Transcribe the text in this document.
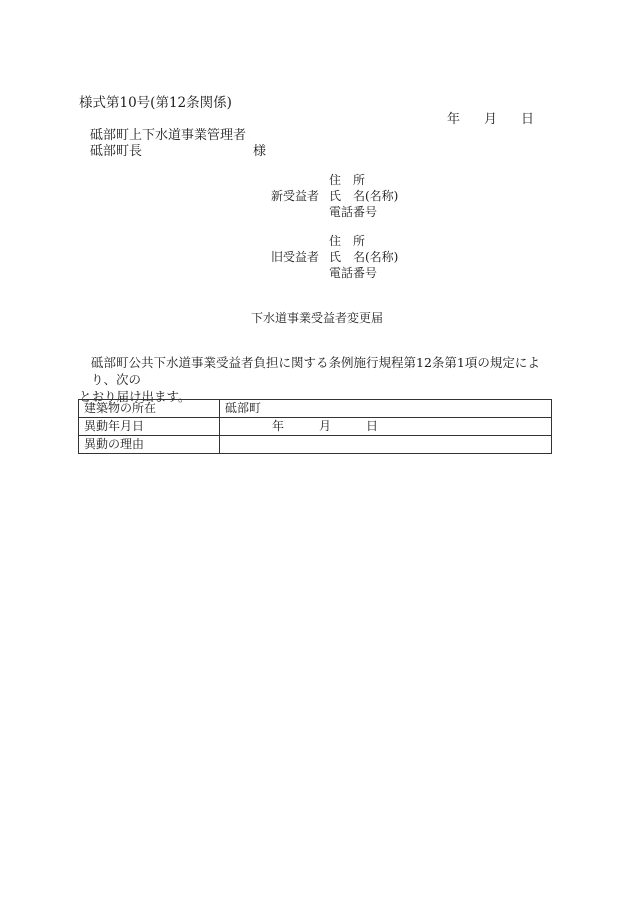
様式第10号(第12条関係)
年 月 日
砥部町上下水道事業管理者
砥部町長	様
住　所
新受益者 氏　名(名称)
電話番号
住　所
旧受益者 氏　名(名称)
電話番号
下水道事業受益者変更届
砥部町公共下水道事業受益者負担に関する条例施行規程第12条第1項の規定により、次の
とおり届け出ます。
建築物の所在	砥部町
異動年月日	年 月 日
異動の理由	
